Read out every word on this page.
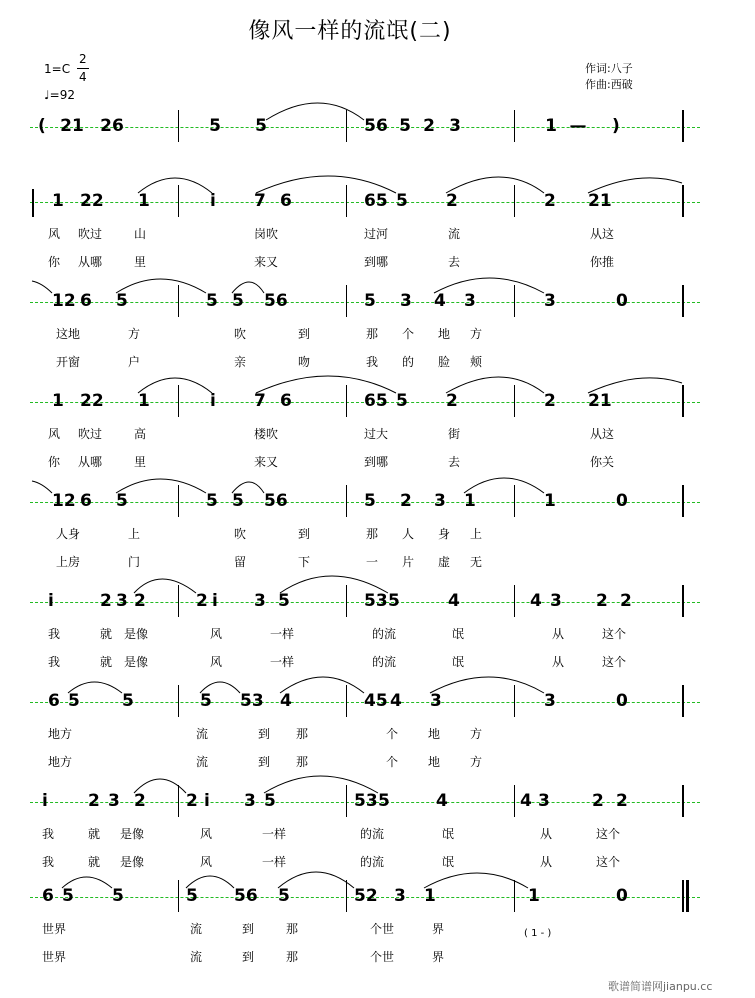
像风一样的流氓(二)
1=C
2
4
♩=92
作词:八子
作曲:西破
( 21 26	5 5	56 5 2 3	1 — )
1 22 1	i 7 6	65 5 2	2 21
风 吹过	山	岗吹	过河	流	从这
你 从哪	里	来又	到哪	去	你推
12 6 5	5 5 56	5 3 4 3	3	0
这地	方	吹	到	那 个 地 方
开窗	户	亲	吻	我 的 脸 颊
1 22 1	i 7 6	65 5 2	2 21
风 吹过	高	楼吹	过大	街	从这
你 从哪	里	来又	到哪	去	你关
12 6 5	5 5 56	5 2 3 1	1	0
人身	上	吹	到	那 人 身 上
上房	门	留	下	一 片 虚 无
i	2 3 2	2 i 3 5	53 5	4	4 3 2 2
我	就 是像	风	一样	的流	氓	从	这个
我	就 是像	风	一样	的流	氓	从	这个
6 5 5	5 53 4	45 4 3	3	0
地方	流	到 那	个 地 方
地方	流	到 那	个 地 方
i 2 3 2 2 i 3 5	53 5	4	4 3 2 2
我	就 是像	风	一样	的流	氓	从	这个
我	就 是像	风	一样	的流	氓	从	这个
6 5 5	5 56 5	52 3 1	1	0
世界	流	到	那	个世	界
世界	流	到	那	个世	界
( 1 - )
歌谱简谱网jianpu.cc
